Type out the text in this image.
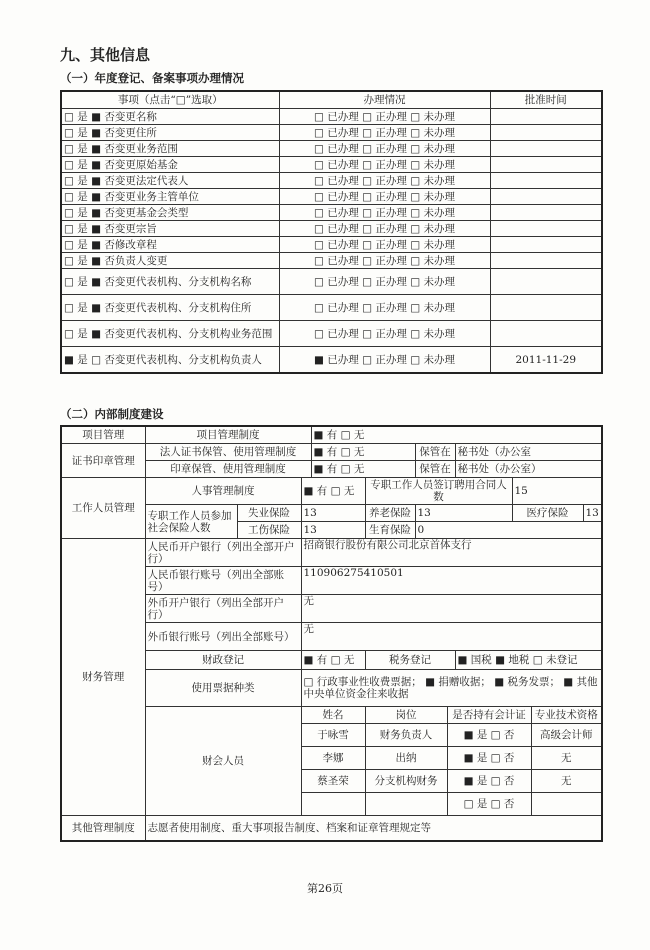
九、其他信息
（一）年度登记、备案事项办理情况
事项（点击“□”选取）	办理情况	批准时间
□ 是 ■ 否变更名称	□ 已办理 □ 正办理 □ 未办理	
□ 是 ■ 否变更住所	□ 已办理 □ 正办理 □ 未办理	
□ 是 ■ 否变更业务范围	□ 已办理 □ 正办理 □ 未办理	
□ 是 ■ 否变更原始基金	□ 已办理 □ 正办理 □ 未办理	
□ 是 ■ 否变更法定代表人	□ 已办理 □ 正办理 □ 未办理	
□ 是 ■ 否变更业务主管单位	□ 已办理 □ 正办理 □ 未办理	
□ 是 ■ 否变更基金会类型	□ 已办理 □ 正办理 □ 未办理	
□ 是 ■ 否变更宗旨	□ 已办理 □ 正办理 □ 未办理	
□ 是 ■ 否修改章程	□ 已办理 □ 正办理 □ 未办理	
□ 是 ■ 否负责人变更	□ 已办理 □ 正办理 □ 未办理	
□ 是 ■ 否变更代表机构、分支机构名称	□ 已办理 □ 正办理 □ 未办理	
□ 是 ■ 否变更代表机构、分支机构住所	□ 已办理 □ 正办理 □ 未办理	
□ 是 ■ 否变更代表机构、分支机构业务范围	□ 已办理 □ 正办理 □ 未办理	
■ 是 □ 否变更代表机构、分支机构负责人	■ 已办理 □ 正办理 □ 未办理	2011-11-29
（二）内部制度建设
项目管理	项目管理制度			■ 有 □ 无							
证书印章管理	法人证书保管、使用管理制度			■ 有 □ 无		保管在		秘书处（办公室			
	印章保管、使用管理制度			■ 有 □ 无		保管在		秘书处（办公室）			
工作人员管理	人事管理制度		■ 有 □ 无		专职工作人员签订聘用合同人数				15		
	专职工作人员参加社会保险人数	失业保险	13		养老保险	13			医疗保险		13
		工伤保险	13		生育保险	0					
财务管理	人民币开户银行（列出全部开户行）		招商银行股份有限公司北京首体支行								
	人民币银行账号（列出全部账号）		110906275410501								
	外币开户银行（列出全部开户行）		无								
	外币银行账号（列出全部账号）		无								
	财政登记		■ 有 □ 无		税务登记			■ 国税 ■ 地税 □ 未登记			
	使用票据种类		□ 行政事业性收费票据； ■ 捐赠收据； ■ 税务发票； ■ 其他中央单位资金往来收据								
	财会人员		姓名		岗位		是否持有会计证			专业技术资格	
			于咏雪		财务负责人		■ 是 □ 否			高级会计师	
			李娜		出纳		■ 是 □ 否			无	
			蔡圣荣		分支机构财务		■ 是 □ 否			无	
							□ 是 □ 否				
其他管理制度	志愿者使用制度、重大事项报告制度、档案和证章管理规定等										
第26页
